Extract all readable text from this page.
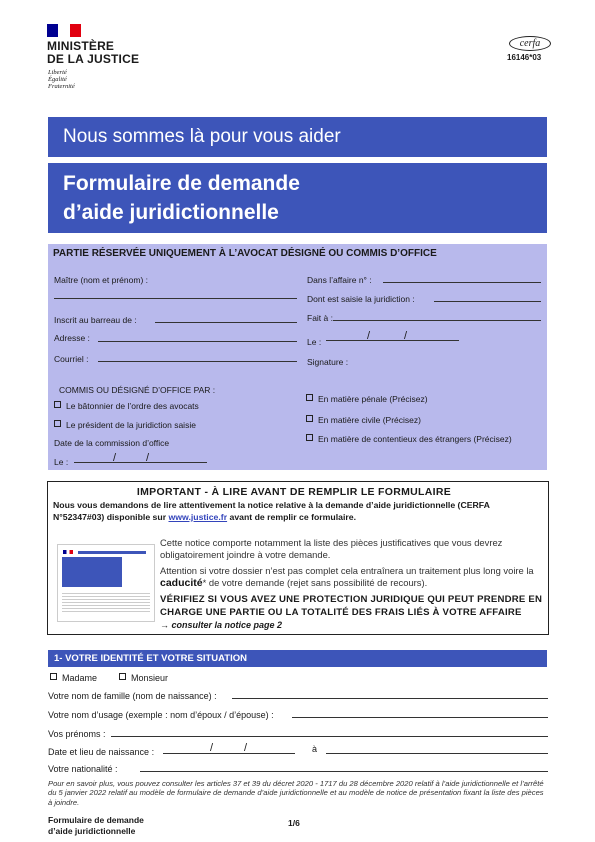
MINISTÈRE
DE LA JUSTICE
Liberté
Égalité
Fraternité
cerfa
16146*03
Nous sommes là pour vous aider
Formulaire de demande
d’aide juridictionnelle
PARTIE RÉSERVÉE UNIQUEMENT À L’AVOCAT DÉSIGNÉ OU COMMIS D’OFFICE
Maître (nom et prénom) :
Inscrit au barreau de :
Adresse :
Courriel :
COMMIS OU DÉSIGNÉ D’OFFICE PAR :
Le bâtonnier de l’ordre des avocats
Le président de la juridiction saisie
Date de la commission d’office
Le :	/	/
Dans l’affaire n° :
Dont est saisie la juridiction :
Fait à :
Le :	/	/
Signature :
En matière pénale (Précisez)
En matière civile (Précisez)
En matière de contentieux des étrangers (Précisez)
IMPORTANT - À LIRE AVANT DE REMPLIR LE FORMULAIRE
Nous vous demandons de lire attentivement la notice relative à la demande d’aide juridictionnelle (CERFA N°52347#03) disponible sur www.justice.fr avant de remplir ce formulaire.
Cette notice comporte notamment la liste des pièces justificatives que vous devrez obligatoirement joindre à votre demande.
Attention si votre dossier n’est pas complet cela entraînera un traitement plus long voire la caducité* de votre demande (rejet sans possibilité de recours).
VÉRIFIEZ SI VOUS AVEZ UNE PROTECTION JURIDIQUE QUI PEUT PRENDRE EN CHARGE UNE PARTIE OU LA TOTALITÉ DES FRAIS LIÉS À VOTRE AFFAIRE
→ consulter la notice page 2
1- VOTRE IDENTITÉ ET VOTRE SITUATION
Madame	Monsieur
Votre nom de famille (nom de naissance) :
Votre nom d’usage (exemple : nom d’époux / d’épouse) :
Vos prénoms :
Date et lieu de naissance :	/	/	à
Votre nationalité :
Pour en savoir plus, vous pouvez consulter les articles 37 et 39 du décret 2020 - 1717 du 28 décembre 2020 relatif à l’aide juridictionnelle et l’arrêté du 5 janvier 2022 relatif au modèle de formulaire de demande d’aide juridictionnelle et au modèle de notice de présentation fixant la liste des pièces à joindre.
Formulaire de demande
d’aide juridictionnelle
1/6
